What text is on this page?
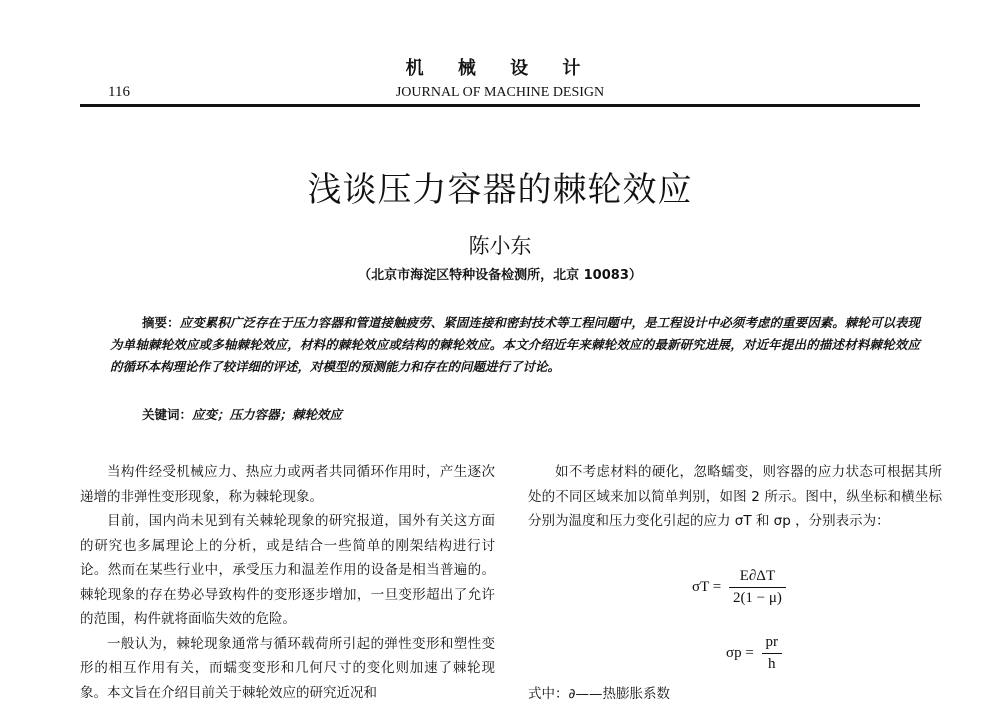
机 械 设 计
116	JOURNAL OF MACHINE DESIGN
浅谈压力容器的棘轮效应
陈小东
（北京市海淀区特种设备检测所，北京 10083）
摘要：应变累积广泛存在于压力容器和管道接触疲劳、紧固连接和密封技术等工程问题中，是工程设计中必须考虑的重要因素。棘轮可以表现为单轴棘轮效应或多轴棘轮效应，材料的棘轮效应或结构的棘轮效应。本文介绍近年来棘轮效应的最新研究进展，对近年提出的描述材料棘轮效应的循环本构理论作了较详细的评述，对模型的预测能力和存在的问题进行了讨论。
关键词：应变；压力容器；棘轮效应

当构件经受机械应力、热应力或两者共同循环作用时，产生逐次递增的非弹性变形现象，称为棘轮现象。

目前，国内尚未见到有关棘轮现象的研究报道，国外有关这方面的研究也多属理论上的分析，或是结合一些简单的刚架结构进行讨论。然而在某些行业中，承受压力和温差作用的设备是相当普遍的。棘轮现象的存在势必导致构件的变形逐步增加，一旦变形超出了允许的范围，构件就将面临失效的危险。

一般认为，棘轮现象通常与循环载荷所引起的弹性变形和塑性变形的相互作用有关，而蠕变变形和几何尺寸的变化则加速了棘轮现象。本文旨在介绍目前关于棘轮效应的研究近况和

如不考虑材料的硬化，忽略蠕变，则容器的应力状态可根据其所处的不同区域来加以简单判别，如图 2 所示。图中，纵坐标和横坐标分别为温度和压力变化引起的应力 σT 和 σp ，分别表示为：

$\sigma T = \frac{E\partial\Delta T}{2(1 - \mu)}$
$\sigma p = \frac{pr}{h}$
式中：∂——热膨胀系数
